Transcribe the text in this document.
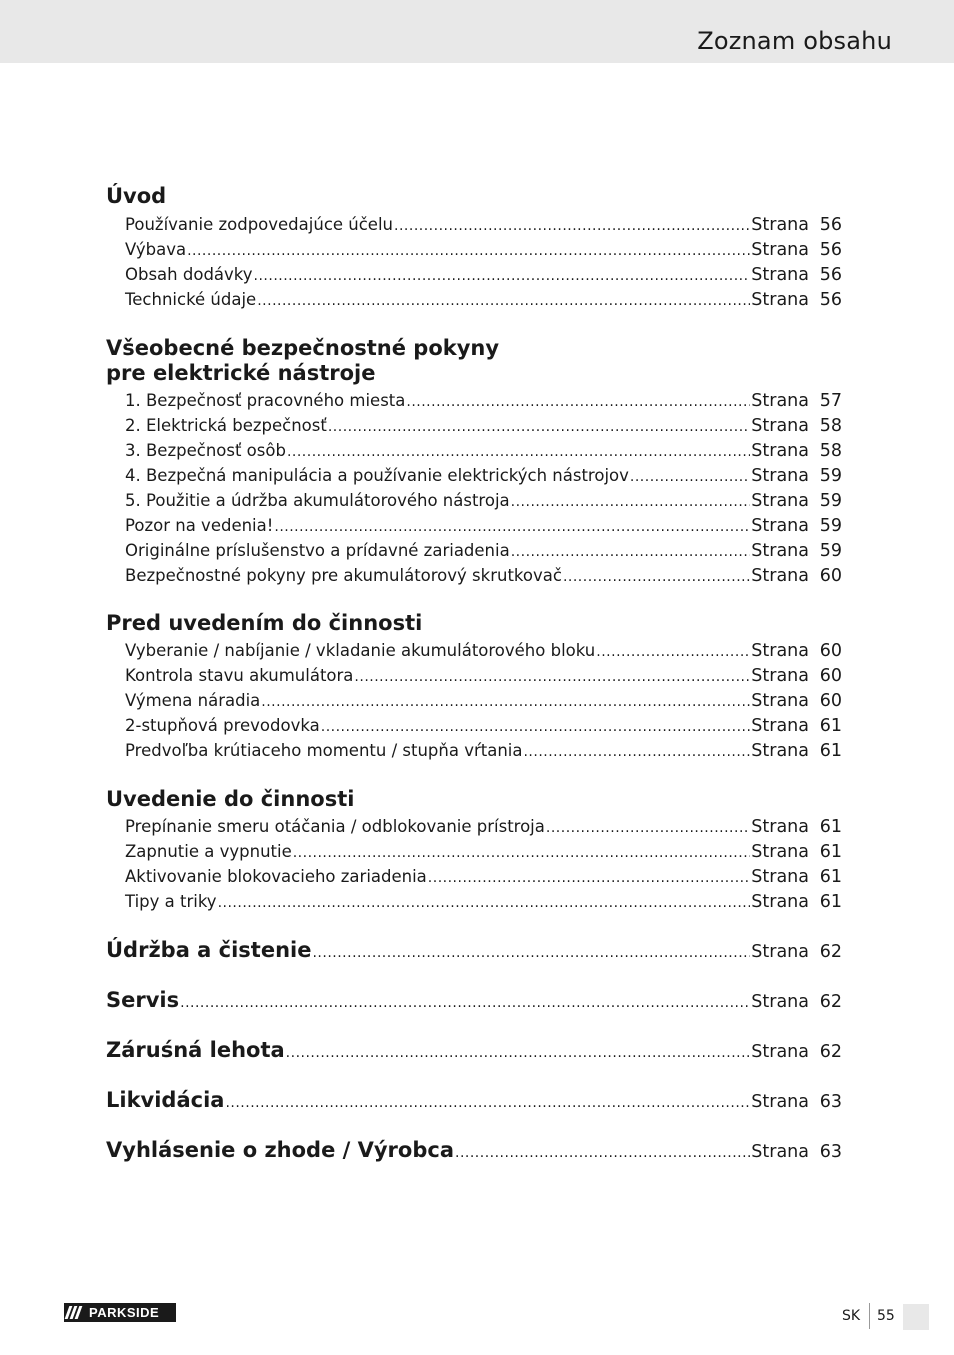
Zoznam obsahu
Úvod
Používanie zodpovedajúce účelu .....	Strana 56
Výbava .....	Strana 56
Obsah dodávky .....	Strana 56
Technické údaje .....	Strana 56
Všeobecné bezpečnostné pokyny
pre elektrické nástroje
1. Bezpečnosť pracovného miesta .....	Strana 57
2. Elektrická bezpečnosť .....	Strana 58
3. Bezpečnosť osôb .....	Strana 58
4. Bezpečná manipulácia a používanie elektrických nástrojov .....	Strana 59
5. Použitie a údržba akumulátorového nástroja .....	Strana 59
Pozor na vedenia! .....	Strana 59
Originálne príslušenstvo a prídavné zariadenia .....	Strana 59
Bezpečnostné pokyny pre akumulátorový skrutkovač .....	Strana 60
Pred uvedením do činnosti
Vyberanie / nabíjanie / vkladanie akumulátorového bloku .....	Strana 60
Kontrola stavu akumulátora .....	Strana 60
Výmena náradia .....	Strana 60
2-stupňová prevodovka .....	Strana 61
Predvoľba krútiaceho momentu / stupňa vŕtania .....	Strana 61
Uvedenie do činnosti
Prepínanie smeru otáčania / odblokovanie prístroja .....	Strana 61
Zapnutie a vypnutie .....	Strana 61
Aktivovanie blokovacieho zariadenia .....	Strana 61
Tipy a triky .....	Strana 61
Údržba a čistenie .....	Strana 62
Servis .....	Strana 62
Záruśná lehota .....	Strana 62
Likvidácia .....	Strana 63
Vyhlásenie o zhode / Výrobca .....	Strana 63
PARKSIDE	SK 55
